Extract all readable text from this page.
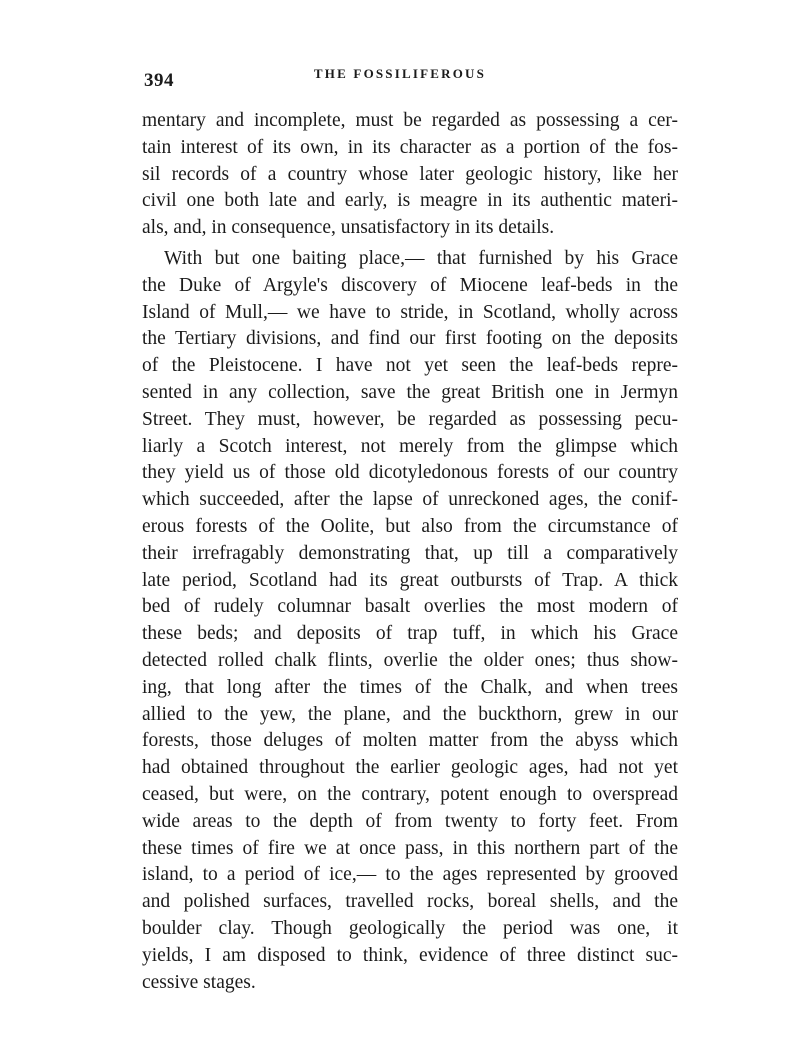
394	THE FOSSILIFEROUS
mentary and incomplete, must be regarded as possessing a cer-
tain interest of its own, in its character as a portion of the fos-
sil records of a country whose later geologic history, like her
civil one both late and early, is meagre in its authentic materi-
als, and, in consequence, unsatisfactory in its details.
With but one baiting place,— that furnished by his Grace
the Duke of Argyle's discovery of Miocene leaf-beds in the
Island of Mull,— we have to stride, in Scotland, wholly across
the Tertiary divisions, and find our first footing on the deposits
of the Pleistocene. I have not yet seen the leaf-beds repre-
sented in any collection, save the great British one in Jermyn
Street. They must, however, be regarded as possessing pecu-
liarly a Scotch interest, not merely from the glimpse which
they yield us of those old dicotyledonous forests of our country
which succeeded, after the lapse of unreckoned ages, the conif-
erous forests of the Oolite, but also from the circumstance of
their irrefragably demonstrating that, up till a comparatively
late period, Scotland had its great outbursts of Trap. A thick
bed of rudely columnar basalt overlies the most modern of
these beds; and deposits of trap tuff, in which his Grace
detected rolled chalk flints, overlie the older ones; thus show-
ing, that long after the times of the Chalk, and when trees
allied to the yew, the plane, and the buckthorn, grew in our
forests, those deluges of molten matter from the abyss which
had obtained throughout the earlier geologic ages, had not yet
ceased, but were, on the contrary, potent enough to overspread
wide areas to the depth of from twenty to forty feet. From
these times of fire we at once pass, in this northern part of the
island, to a period of ice,— to the ages represented by grooved
and polished surfaces, travelled rocks, boreal shells, and the
boulder clay. Though geologically the period was one, it
yields, I am disposed to think, evidence of three distinct suc-
cessive stages.
